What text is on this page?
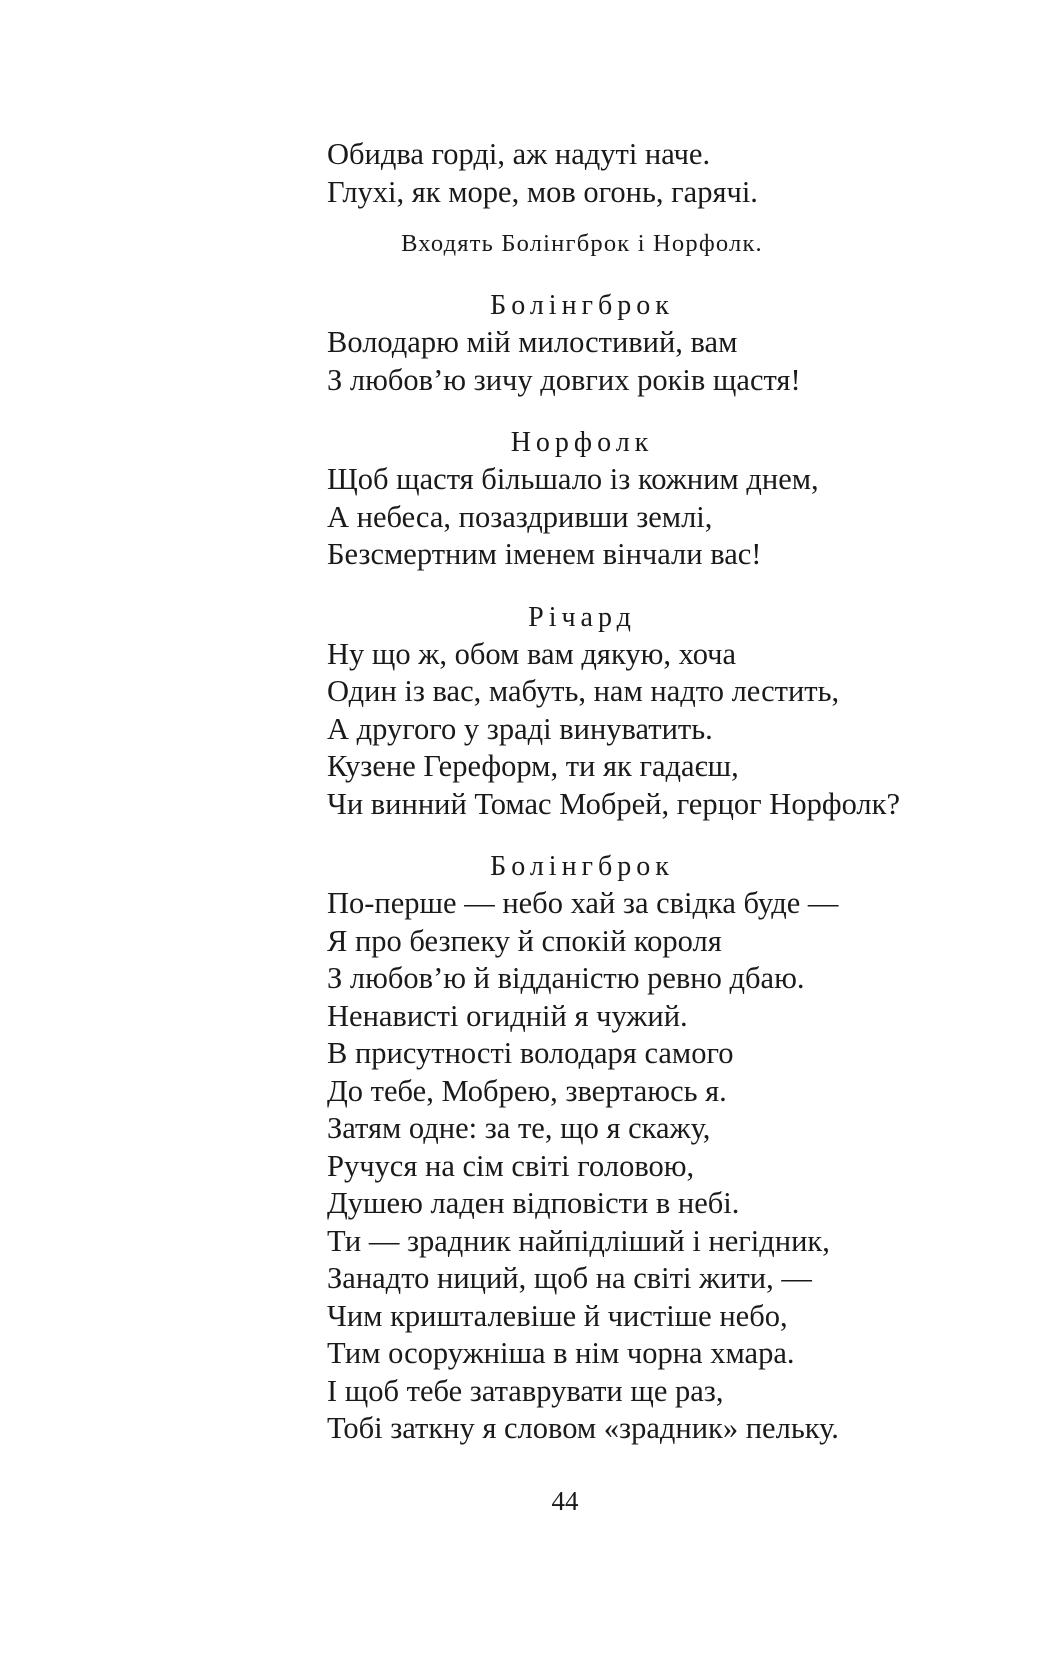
Обидва горді, аж надуті наче.
Глухі, як море, мов огонь, гарячі.
Входять Болінгброк і Норфолк.
Болінгброк
Володарю мій милостивий, вам
З любов’ю зичу довгих років щастя!
Норфолк
Щоб щастя більшало із кожним днем,
А небеса, позаздривши землі,
Безсмертним іменем вінчали вас!
Річард
Ну що ж, обом вам дякую, хоча
Один із вас, мабуть, нам надто лестить,
А другого у зраді винуватить.
Кузене Гереформ, ти як гадаєш,
Чи винний Томас Мобрей, герцог Норфолк?
Болінгброк
По-перше — небо хай за свідка буде —
Я про безпеку й спокій короля
З любов’ю й відданістю ревно дбаю.
Ненависті огидній я чужий.
В присутності володаря самого
До тебе, Мобрею, звертаюсь я.
Затям одне: за те, що я скажу,
Ручуся на сім світі головою,
Душею ладен відповісти в небі.
Ти — зрадник найпідліший і негідник,
Занадто ниций, щоб на світі жити, —
Чим кришталевіше й чистіше небо,
Тим осоружніша в нім чорна хмара.
І щоб тебе затаврувати ще раз,
Тобі заткну я словом «зрадник» пельку.
44
